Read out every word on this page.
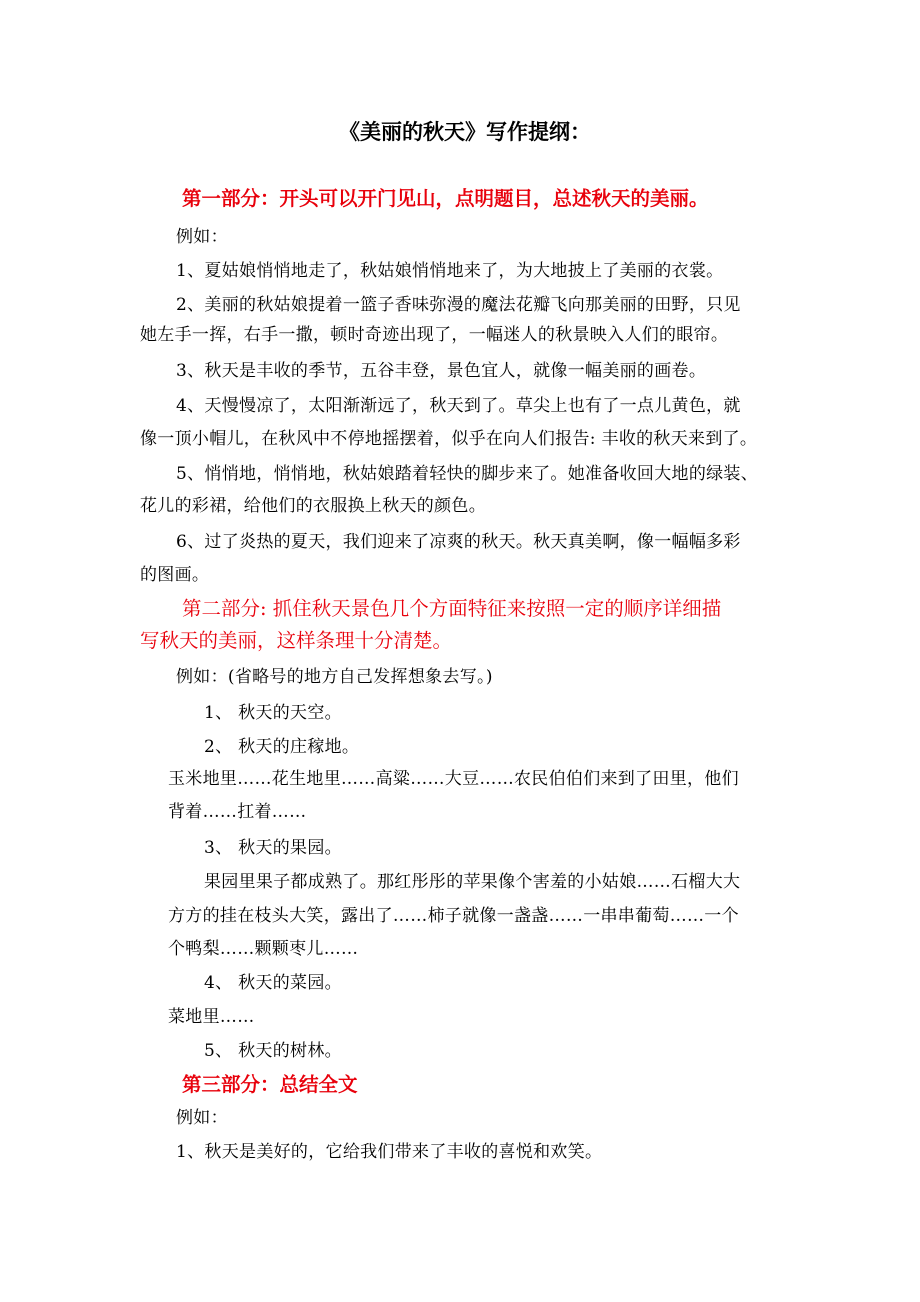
《美丽的秋天》写作提纲：
第一部分：开头可以开门见山，点明题目，总述秋天的美丽。
例如：
1、夏姑娘悄悄地走了，秋姑娘悄悄地来了，为大地披上了美丽的衣裳。
2、美丽的秋姑娘提着一篮子香味弥漫的魔法花瓣飞向那美丽的田野，只见
她左手一挥，右手一撒，顿时奇迹出现了，一幅迷人的秋景映入人们的眼帘。
3、秋天是丰收的季节，五谷丰登，景色宜人，就像一幅美丽的画卷。
4、天慢慢凉了，太阳渐渐远了，秋天到了。草尖上也有了一点儿黄色，就
像一顶小帽儿，在秋风中不停地摇摆着，似乎在向人们报告: 丰收的秋天来到了。
5、悄悄地，悄悄地，秋姑娘踏着轻快的脚步来了。她准备收回大地的绿装、
花儿的彩裙，给他们的衣服换上秋天的颜色。
6、过了炎热的夏天，我们迎来了凉爽的秋天。秋天真美啊，像一幅幅多彩
的图画。
第二部分: 抓住秋天景色几个方面特征来按照一定的顺序详细描
写秋天的美丽，这样条理十分清楚。
例如：(省略号的地方自己发挥想象去写。)
1、 秋天的天空。
2、 秋天的庄稼地。
玉米地里……花生地里……高粱……大豆……农民伯伯们来到了田里，他们
背着……扛着……
3、 秋天的果园。
果园里果子都成熟了。那红彤彤的苹果像个害羞的小姑娘……石榴大大
方方的挂在枝头大笑，露出了……柿子就像一盏盏……一串串葡萄……一个
个鸭梨……颗颗枣儿……
4、 秋天的菜园。
菜地里……
5、 秋天的树林。
第三部分：总结全文
例如：
1、秋天是美好的，它给我们带来了丰收的喜悦和欢笑。
